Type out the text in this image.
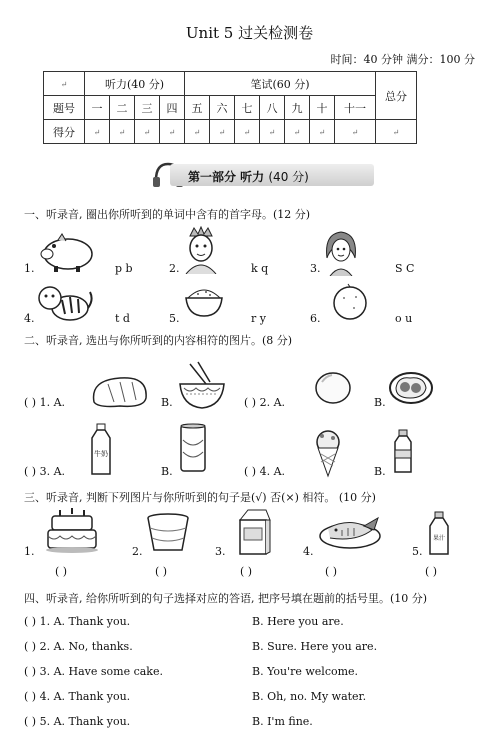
Unit 5 过关检测卷
时间：40 分钟 满分：100 分
↵	听力(40 分)				笔试(60 分)							总分
题号	一	二	三	四	五	六	七	八	九	十	十一	
得分	↵	↵	↵	↵	↵	↵	↵	↵	↵	↵	↵	↵
第一部分 听力 (40 分)
一、听录音, 圈出你所听到的单词中含有的首字母。(12 分)
1.	p b	2.	k q	3.	S C
4.	t d	5.	r y	6.	o u
二、听录音, 选出与你所听到的内容相符的图片。(8 分)
( ) 1. A.	B.	( ) 2. A.	B.
( ) 3. A.
牛奶
B.	( ) 4. A.	B.
三、听录音, 判断下列图片与你所听到的句子是(√) 否(×) 相符。 (10 分)
1.
( )
2.
( )
3.
( )
4.
( )
5.
果汁
( )
四、听录音, 给你所听到的句子选择对应的答语, 把序号填在题前的括号里。(10 分)
( ) 1. A. Thank you.	B. Here you are.
( ) 2. A. No, thanks.	B. Sure. Here you are.
( ) 3. A. Have some cake.	B. You're welcome.
( ) 4. A. Thank you.	B. Oh, no. My water.
( ) 5. A. Thank you.	B. I'm fine.
